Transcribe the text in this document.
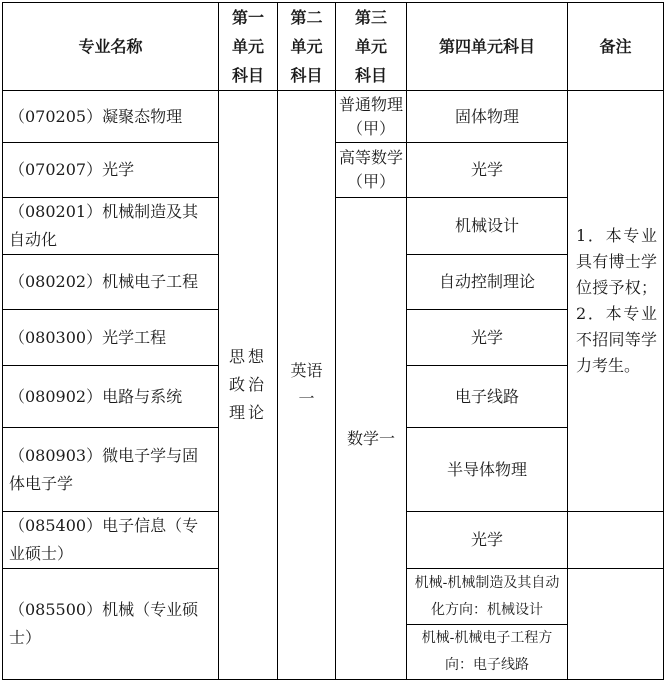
专业名称	第一单元科目	第二单元科目	第三单元科目	第四单元科目	备注
（070205）凝聚态物理	思想政治理论	英语一	普通物理（甲）	固体物理	1．本专业具有博士学位授予权；2．本专业不招同等学力考生。

（070207）光学			高等数学（甲）	光学	
（080201）机械制造及其自动化			数学一	机械设计	
（080202）机械电子工程				自动控制理论	
（080300）光学工程				光学	
（080902）电路与系统				电子线路	
（080903）微电子学与固体电子学				半导体物理	
（085400）电子信息（专业硕士）				光学	
（085500）机械（专业硕士）				机械-机械制造及其自动化方向：机械设计	

				机械-机械电子工程方向：电子线路	
